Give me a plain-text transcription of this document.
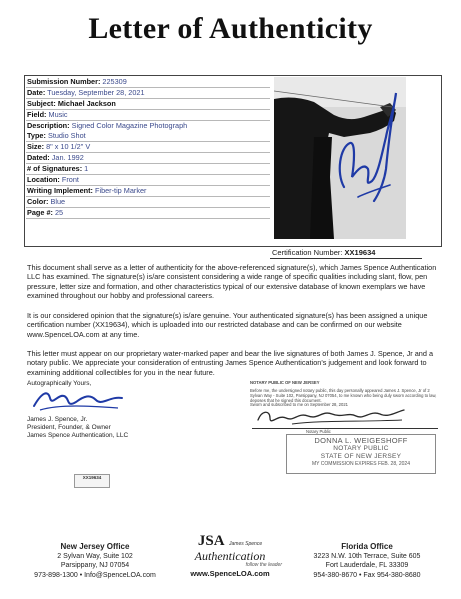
Letter of Authenticity
Submission Number: 225309
Date: Tuesday, September 28, 2021
Subject: Michael Jackson
Field: Music
Description: Signed Color Magazine Photograph
Type: Studio Shot
Size: 8" x 10 1/2" V
Dated: Jan. 1992
# of Signatures: 1
Location: Front
Writing Implement: Fiber-tip Marker
Color: Blue
Page #: 25
Certification Number: XX19634
This document shall serve as a letter of authenticity for the above-referenced signature(s), which James Spence Authentication LLC has examined. The signature(s) is/are consistent considering a wide range of specific qualities including slant, flow, pen pressure, letter size and formation, and other characteristics typical of our extensive database of known exemplars we have examined throughout our hobby and professional careers.
It is our considered opinion that the signature(s) is/are genuine. Your authenticated signature(s) has been assigned a unique certification number (XX19634), which is uploaded into our restricted database and can be confirmed on our website www.SpenceLOA.com at any time.
This letter must appear on our proprietary water-marked paper and bear the live signatures of both James J. Spence, Jr and a notary public. We appreciate your consideration of entrusting James Spence Authentication's judgement and look forward to examining additional collectibles for you in the near future.
Autographically Yours,
James J. Spence, Jr.
President, Founder, & Owner
James Spence Authentication, LLC
XX19634
NOTARY PUBLIC OF NEW JERSEY
Before me, the undersigned notary public, this day personally appeared James J. Spence, Jr of 2 Sylvan Way - Suite 102, Parsippany, NJ 07054, to me known who being duly sworn according to law, deposes that he signed this document.
Sworn and subscribed to me on September 28, 2021
Notary Public
DONNA L. WEIGESHOFF
NOTARY PUBLIC
STATE OF NEW JERSEY
MY COMMISSION EXPIRES FEB. 28, 2024
New Jersey Office
2 Sylvan Way, Suite 102
Parsippany, NJ 07054
973-898-1300 • Info@SpenceLOA.com
JSA James Spence
Authentication
follow the leader
www.SpenceLOA.com
Florida Office
3223 N.W. 10th Terrace, Suite 605
Fort Lauderdale, FL 33309
954-380-8670 • Fax 954-380-8680
